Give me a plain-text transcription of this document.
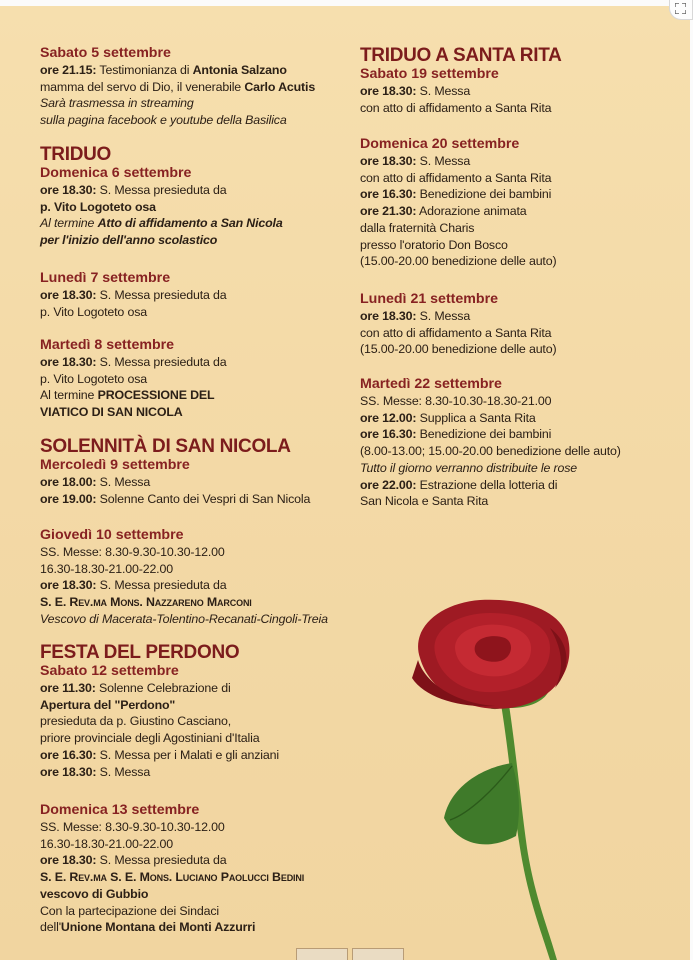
Sabato 5 settembre
ore 21.15: Testimonianza di Antonia Salzano
mamma del servo di Dio, il venerabile Carlo Acutis
Sarà trasmessa in streaming
sulla pagina facebook e youtube della Basilica
TRIDUO
Domenica 6 settembre
ore 18.30: S. Messa presieduta da
p. Vito Logoteto osa
Al termine Atto di affidamento a San Nicola
per l'inizio dell'anno scolastico
Lunedì 7 settembre
ore 18.30: S. Messa presieduta da
p. Vito Logoteto osa
Martedì 8 settembre
ore 18.30: S. Messa presieduta da
p. Vito Logoteto osa
Al termine PROCESSIONE DEL
VIATICO DI SAN NICOLA
SOLENNITÀ DI SAN NICOLA
Mercoledì 9 settembre
ore 18.00: S. Messa
ore 19.00: Solenne Canto dei Vespri di San Nicola
Giovedì 10 settembre
SS. Messe: 8.30-9.30-10.30-12.00
16.30-18.30-21.00-22.00
ore 18.30: S. Messa presieduta da
S. E. Rev.ma Mons. Nazzareno Marconi
Vescovo di Macerata-Tolentino-Recanati-Cingoli-Treia
FESTA DEL PERDONO
Sabato 12 settembre
ore 11.30: Solenne Celebrazione di
Apertura del "Perdono"
presieduta da p. Giustino Casciano,
priore provinciale degli Agostiniani d'Italia
ore 16.30: S. Messa per i Malati e gli anziani
ore 18.30: S. Messa
Domenica 13 settembre
SS. Messe: 8.30-9.30-10.30-12.00
16.30-18.30-21.00-22.00
ore 18.30: S. Messa presieduta da
S. E. Rev.ma S. E. Mons. Luciano Paolucci Bedini
vescovo di Gubbio
Con la partecipazione dei Sindaci
dell'Unione Montana dei Monti Azzurri
TRIDUO A SANTA RITA
Sabato 19 settembre
ore 18.30: S. Messa
con atto di affidamento a Santa Rita
Domenica 20 settembre
ore 18.30: S. Messa
con atto di affidamento a Santa Rita
ore 16.30: Benedizione dei bambini
ore 21.30: Adorazione animata
dalla fraternità Charis
presso l'oratorio Don Bosco
(15.00-20.00 benedizione delle auto)
Lunedì 21 settembre
ore 18.30: S. Messa
con atto di affidamento a Santa Rita
(15.00-20.00 benedizione delle auto)
Martedì 22 settembre
SS. Messe: 8.30-10.30-18.30-21.00
ore 12.00: Supplica a Santa Rita
ore 16.30: Benedizione dei bambini
(8.00-13.00; 15.00-20.00 benedizione delle auto)
Tutto il giorno verranno distribuite le rose
ore 22.00: Estrazione della lotteria di
San Nicola e Santa Rita
